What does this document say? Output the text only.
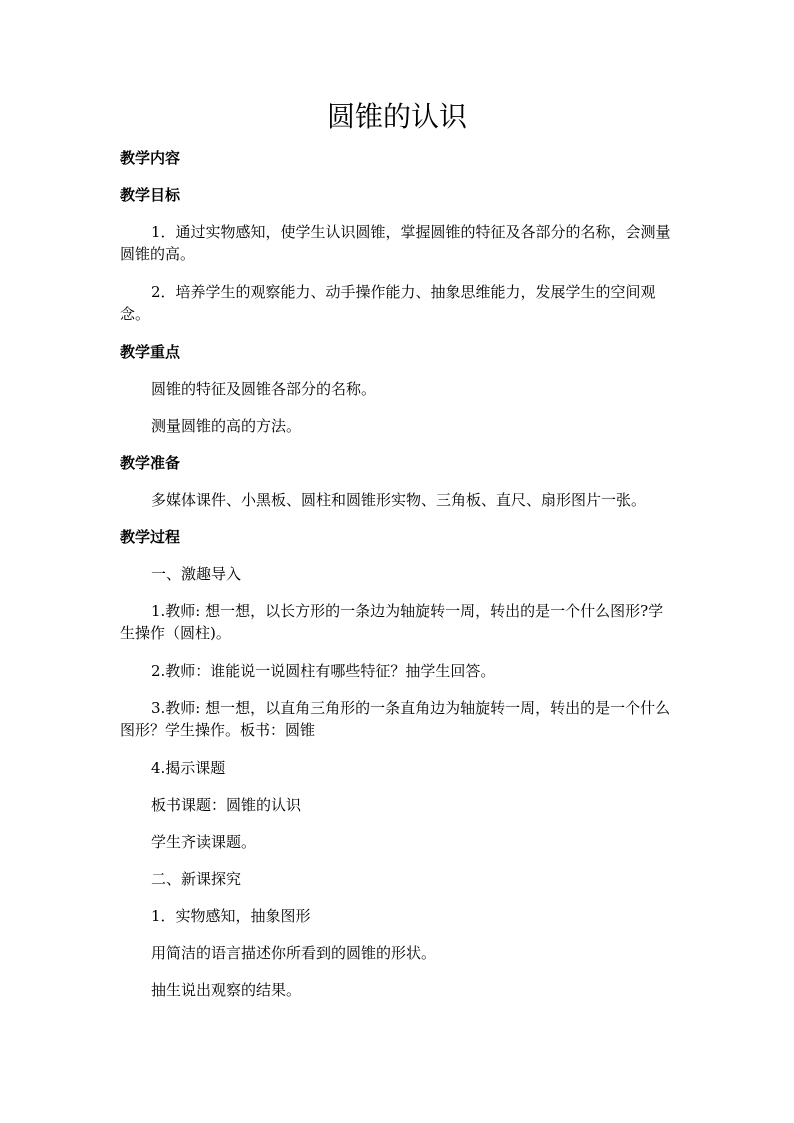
圆锥的认识

教学内容

教学目标

1．通过实物感知，使学生认识圆锥，掌握圆锥的特征及各部分的名称，会测量圆锥的高。

2．培养学生的观察能力、动手操作能力、抽象思维能力，发展学生的空间观念。

教学重点

圆锥的特征及圆锥各部分的名称。

测量圆锥的高的方法。

教学准备

多媒体课件、小黑板、圆柱和圆锥形实物、三角板、直尺、扇形图片一张。

教学过程

一、激趣导入

1.教师: 想一想，以长方形的一条边为轴旋转一周，转出的是一个什么图形?学生操作（圆柱)。

2.教师：谁能说一说圆柱有哪些特征？抽学生回答。

3.教师: 想一想，以直角三角形的一条直角边为轴旋转一周，转出的是一个什么图形？学生操作。板书：圆锥

4.揭示课题

板书课题：圆锥的认识

学生齐读课题。

二、新课探究

1．实物感知，抽象图形

用简洁的语言描述你所看到的圆锥的形状。

抽生说出观察的结果。
